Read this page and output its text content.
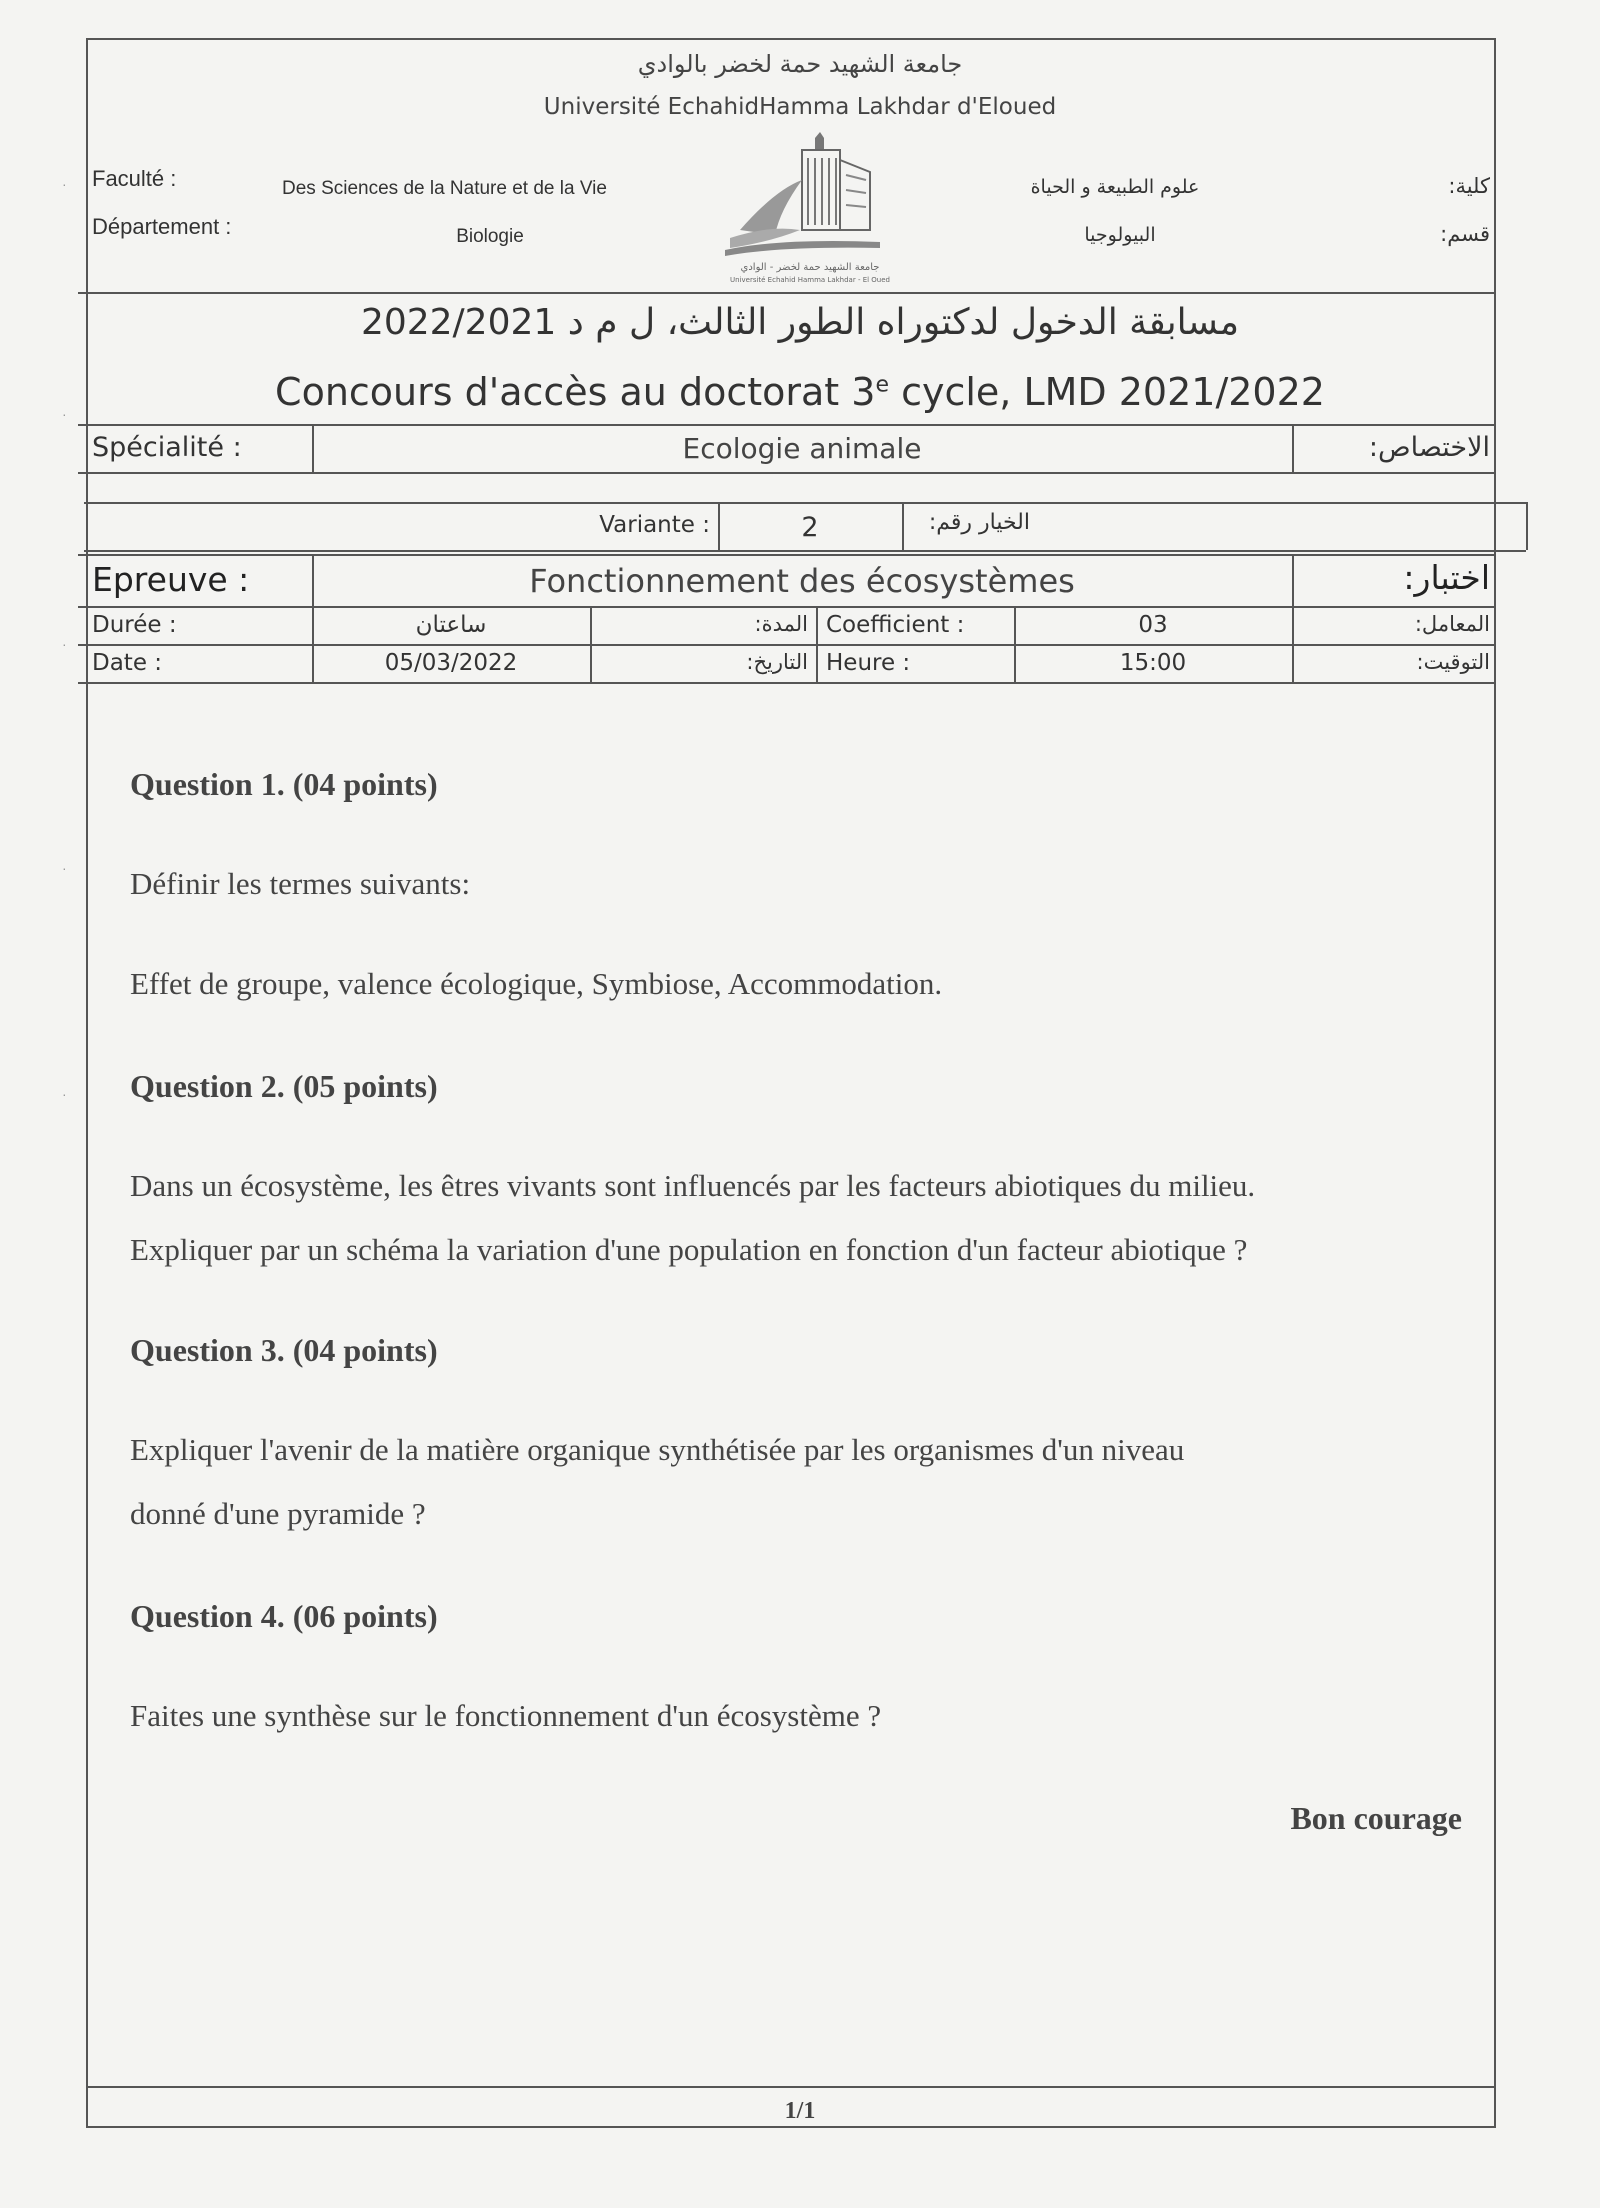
جامعة الشهيد حمة لخضر بالوادي
Université EchahidHamma Lakhdar d'Eloued
Faculté :	Des Sciences de la Nature et de la Vie	علوم الطبيعة و الحياة	كلية:
Département :	Biologie	البيولوجيا	قسم:
جامعة الشهيد حمة لخضر - الوادي
Université Echahid Hamma Lakhdar - El Oued
مسابقة الدخول لدكتوراه الطور الثالث، ل م د 2022/2021
Concours d'accès au doctorat 3e cycle, LMD 2021/2022
Spécialité :	Ecologie animale	الاختصاص:
Variante :	2	الخيار رقم:
Epreuve :	Fonctionnement des écosystèmes	اختبار:
Durée :	ساعتان	المدة: Coefficient :	03	المعامل:
Date :	05/03/2022	التاريخ: Heure :	15:00	التوقيت:
Question 1. (04 points)
Définir les termes suivants:
Effet de groupe, valence écologique, Symbiose, Accommodation.
Question 2. (05 points)
Dans un écosystème, les êtres vivants sont influencés par les facteurs abiotiques du milieu.
Expliquer par un schéma la variation d'une population en fonction d'un facteur abiotique ?
Question 3. (04 points)
Expliquer l'avenir de la matière organique synthétisée par les organismes d'un niveau
donné d'une pyramide ?
Question 4. (06 points)
Faites une synthèse sur le fonctionnement d'un écosystème ?
Bon courage
1/1
·
·
·
·
·
